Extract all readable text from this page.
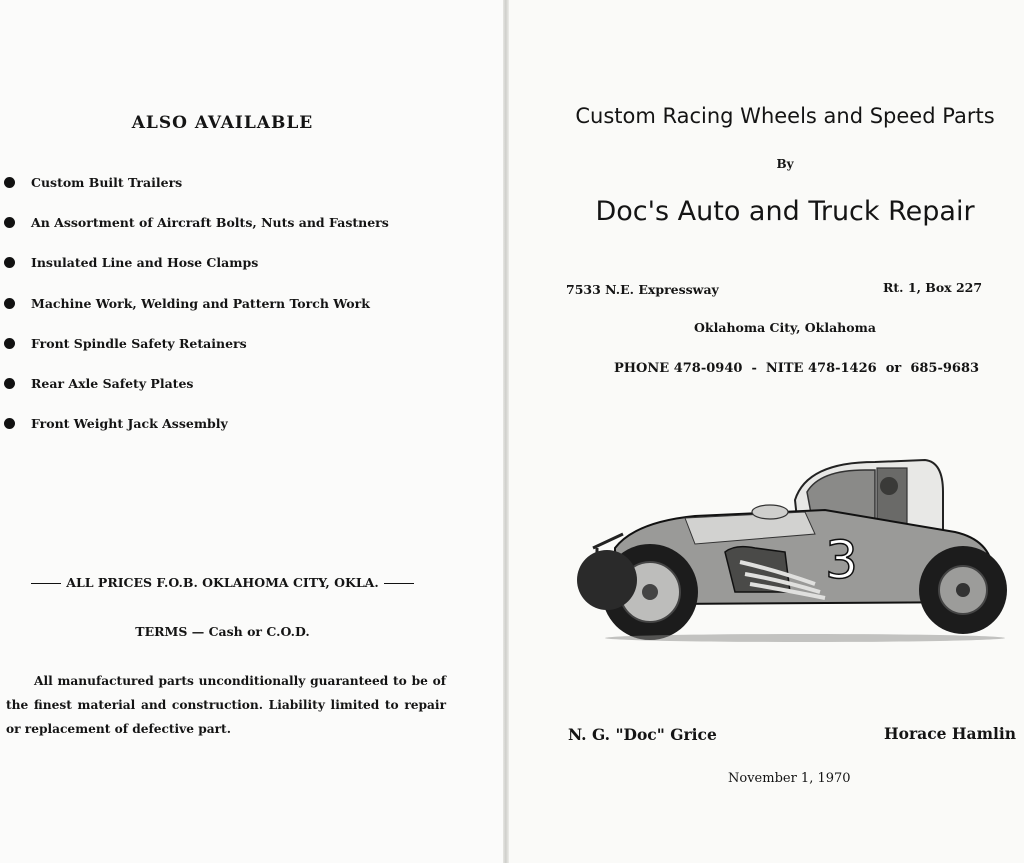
ALSO AVAILABLE
Custom Built Trailers
An Assortment of Aircraft Bolts, Nuts and Fastners
Insulated Line and Hose Clamps
Machine Work, Welding and Pattern Torch Work
Front Spindle Safety Retainers
Rear Axle Safety Plates
Front Weight Jack Assembly
ALL PRICES F.O.B. OKLAHOMA CITY, OKLA.
TERMS — Cash or C.O.D.
All manufactured parts unconditionally guaranteed to be of the finest material and construction. Liability limited to repair or replacement of defective part.
Custom Racing Wheels and Speed Parts
By
Doc's Auto and Truck Repair
7533 N.E. Expressway	Rt. 1, Box 227
Oklahoma City, Oklahoma
PHONE 478-0940  -  NITE 478-1426  or  685-9683
3
N. G. "Doc" Grice	Horace Hamlin
November 1, 1970
